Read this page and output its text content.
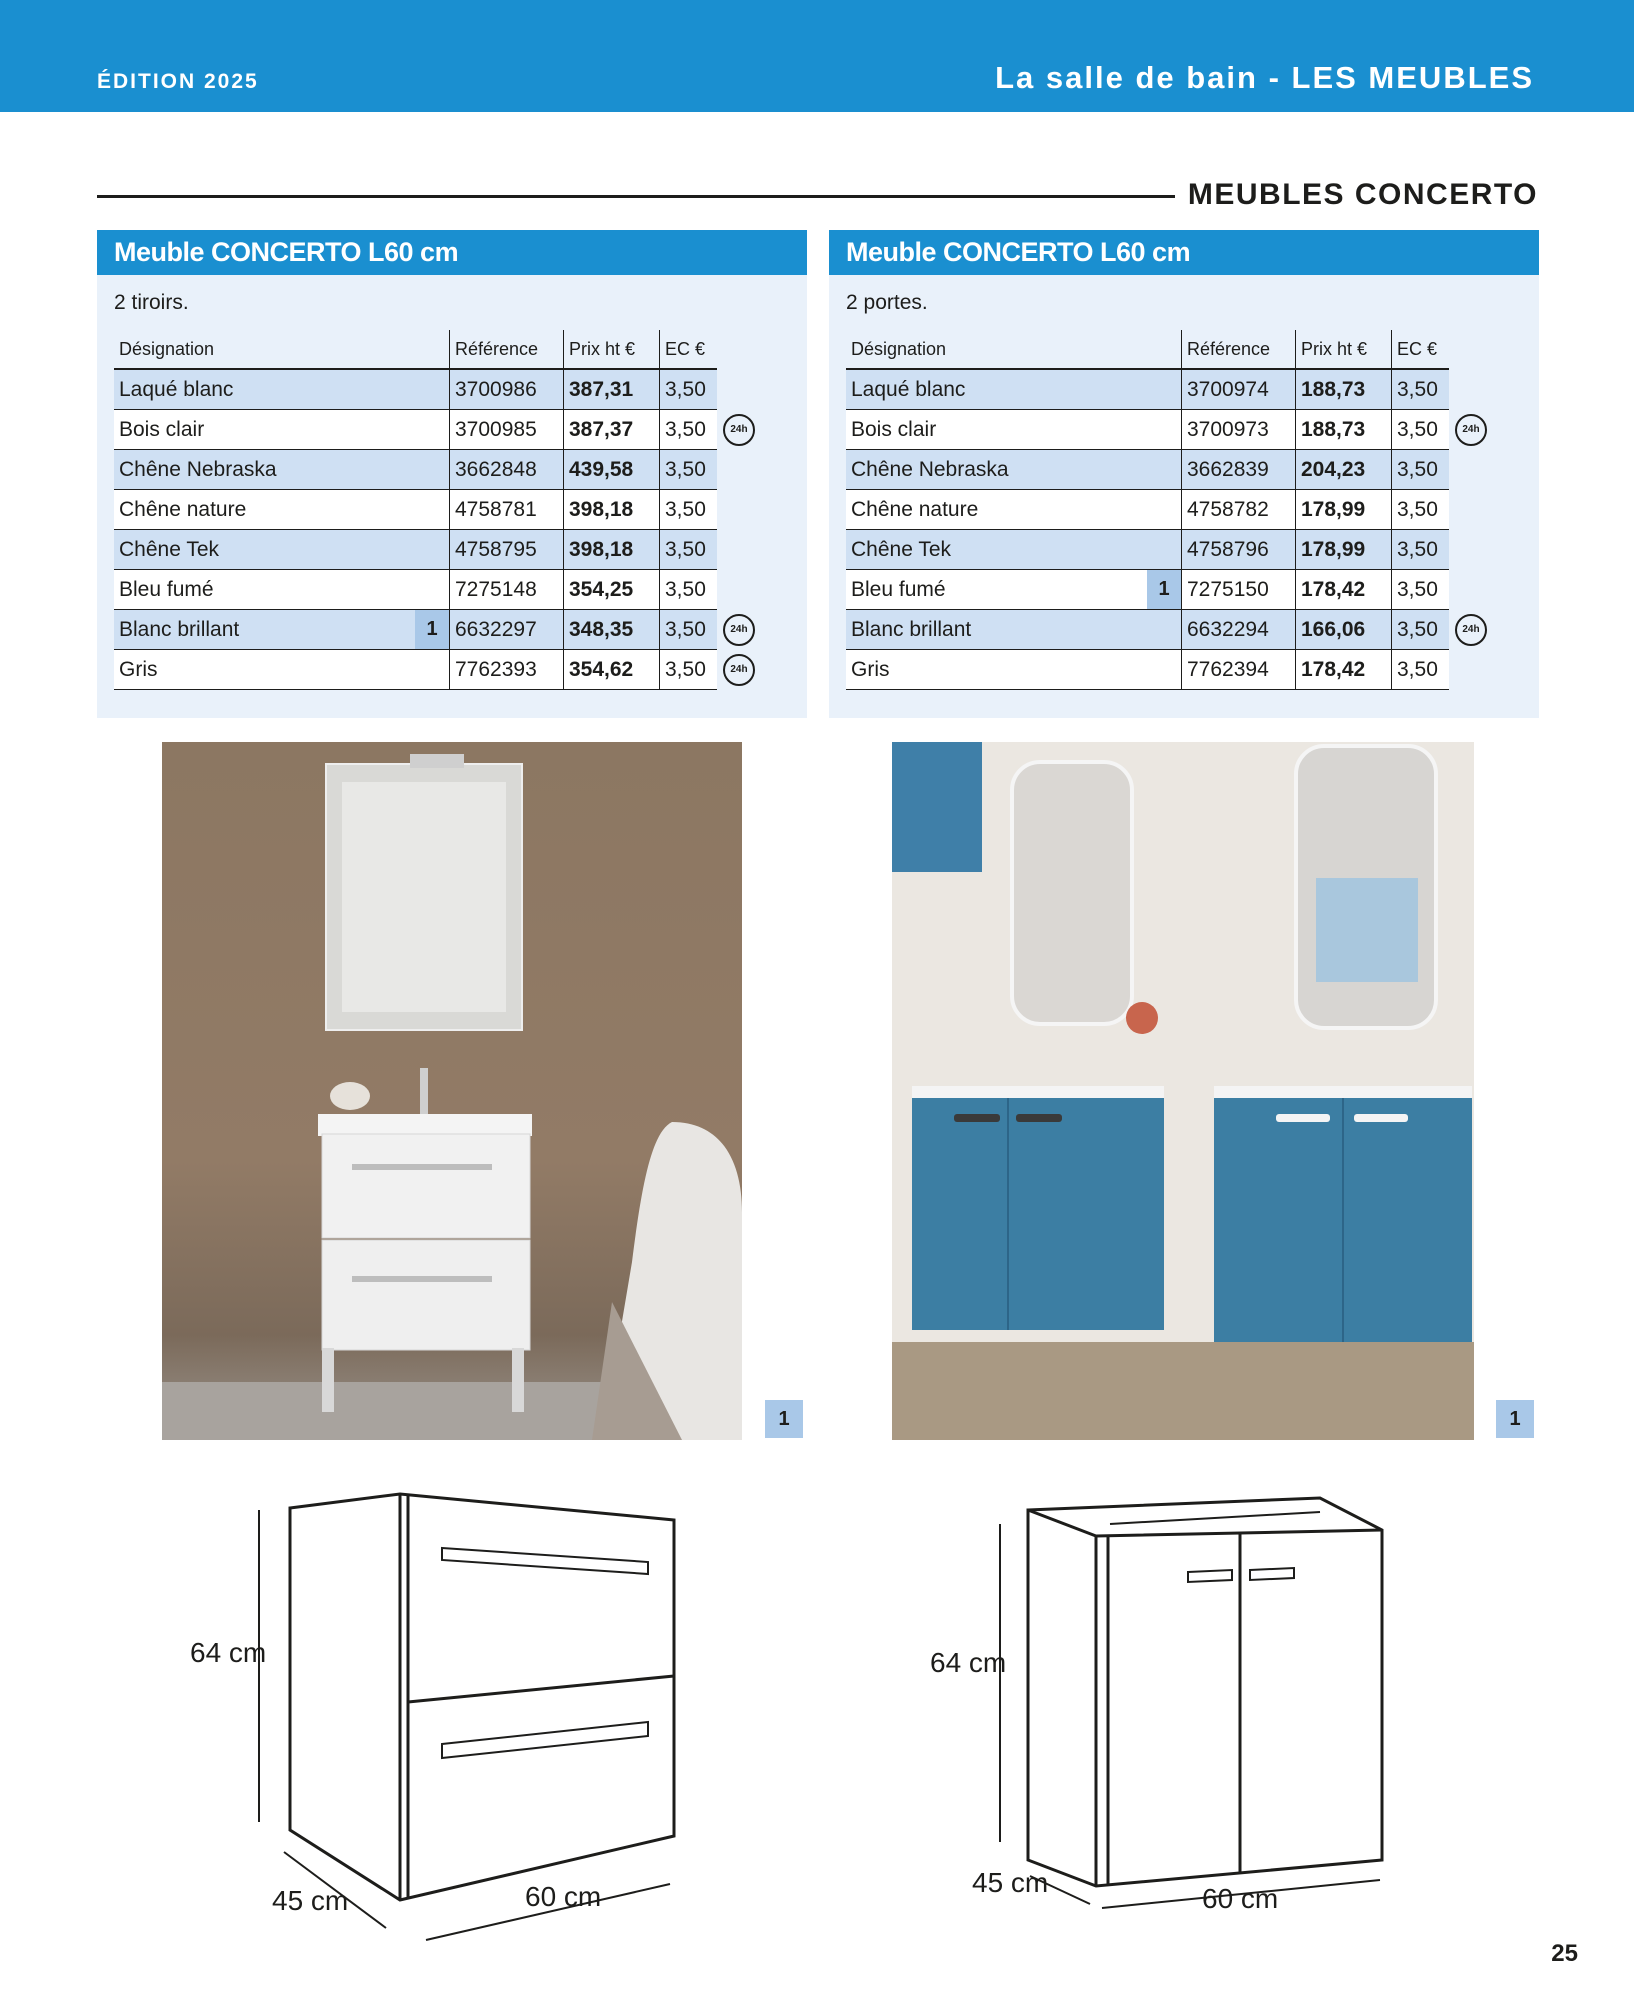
ÉDITION 2025	La salle de bain - LES MEUBLES
MEUBLES CONCERTO
Meuble CONCERTO L60 cm
2 tiroirs.
Désignation	Référence	Prix ht €	EC €	
Laqué blanc	3700986	387,31	3,50	
Bois clair	3700985	387,37	3,50	24h
Chêne Nebraska	3662848	439,58	3,50	
Chêne nature	4758781	398,18	3,50	
Chêne Tek	4758795	398,18	3,50	
Bleu fumé	7275148	354,25	3,50	
Blanc brillant 1	6632297	348,35	3,50	24h
Gris	7762393	354,62	3,50	24h
Meuble CONCERTO L60 cm
2 portes.
Désignation	Référence	Prix ht €	EC €	
Laqué blanc	3700974	188,73	3,50	
Bois clair	3700973	188,73	3,50	24h
Chêne Nebraska	3662839	204,23	3,50	
Chêne nature	4758782	178,99	3,50	
Chêne Tek	4758796	178,99	3,50	
Bleu fumé 1	7275150	178,42	3,50	
Blanc brillant	6632294	166,06	3,50	24h
Gris	7762394	178,42	3,50	
1	1
64 cm
45 cm	60 cm
64 cm
45 cm
60 cm
25
